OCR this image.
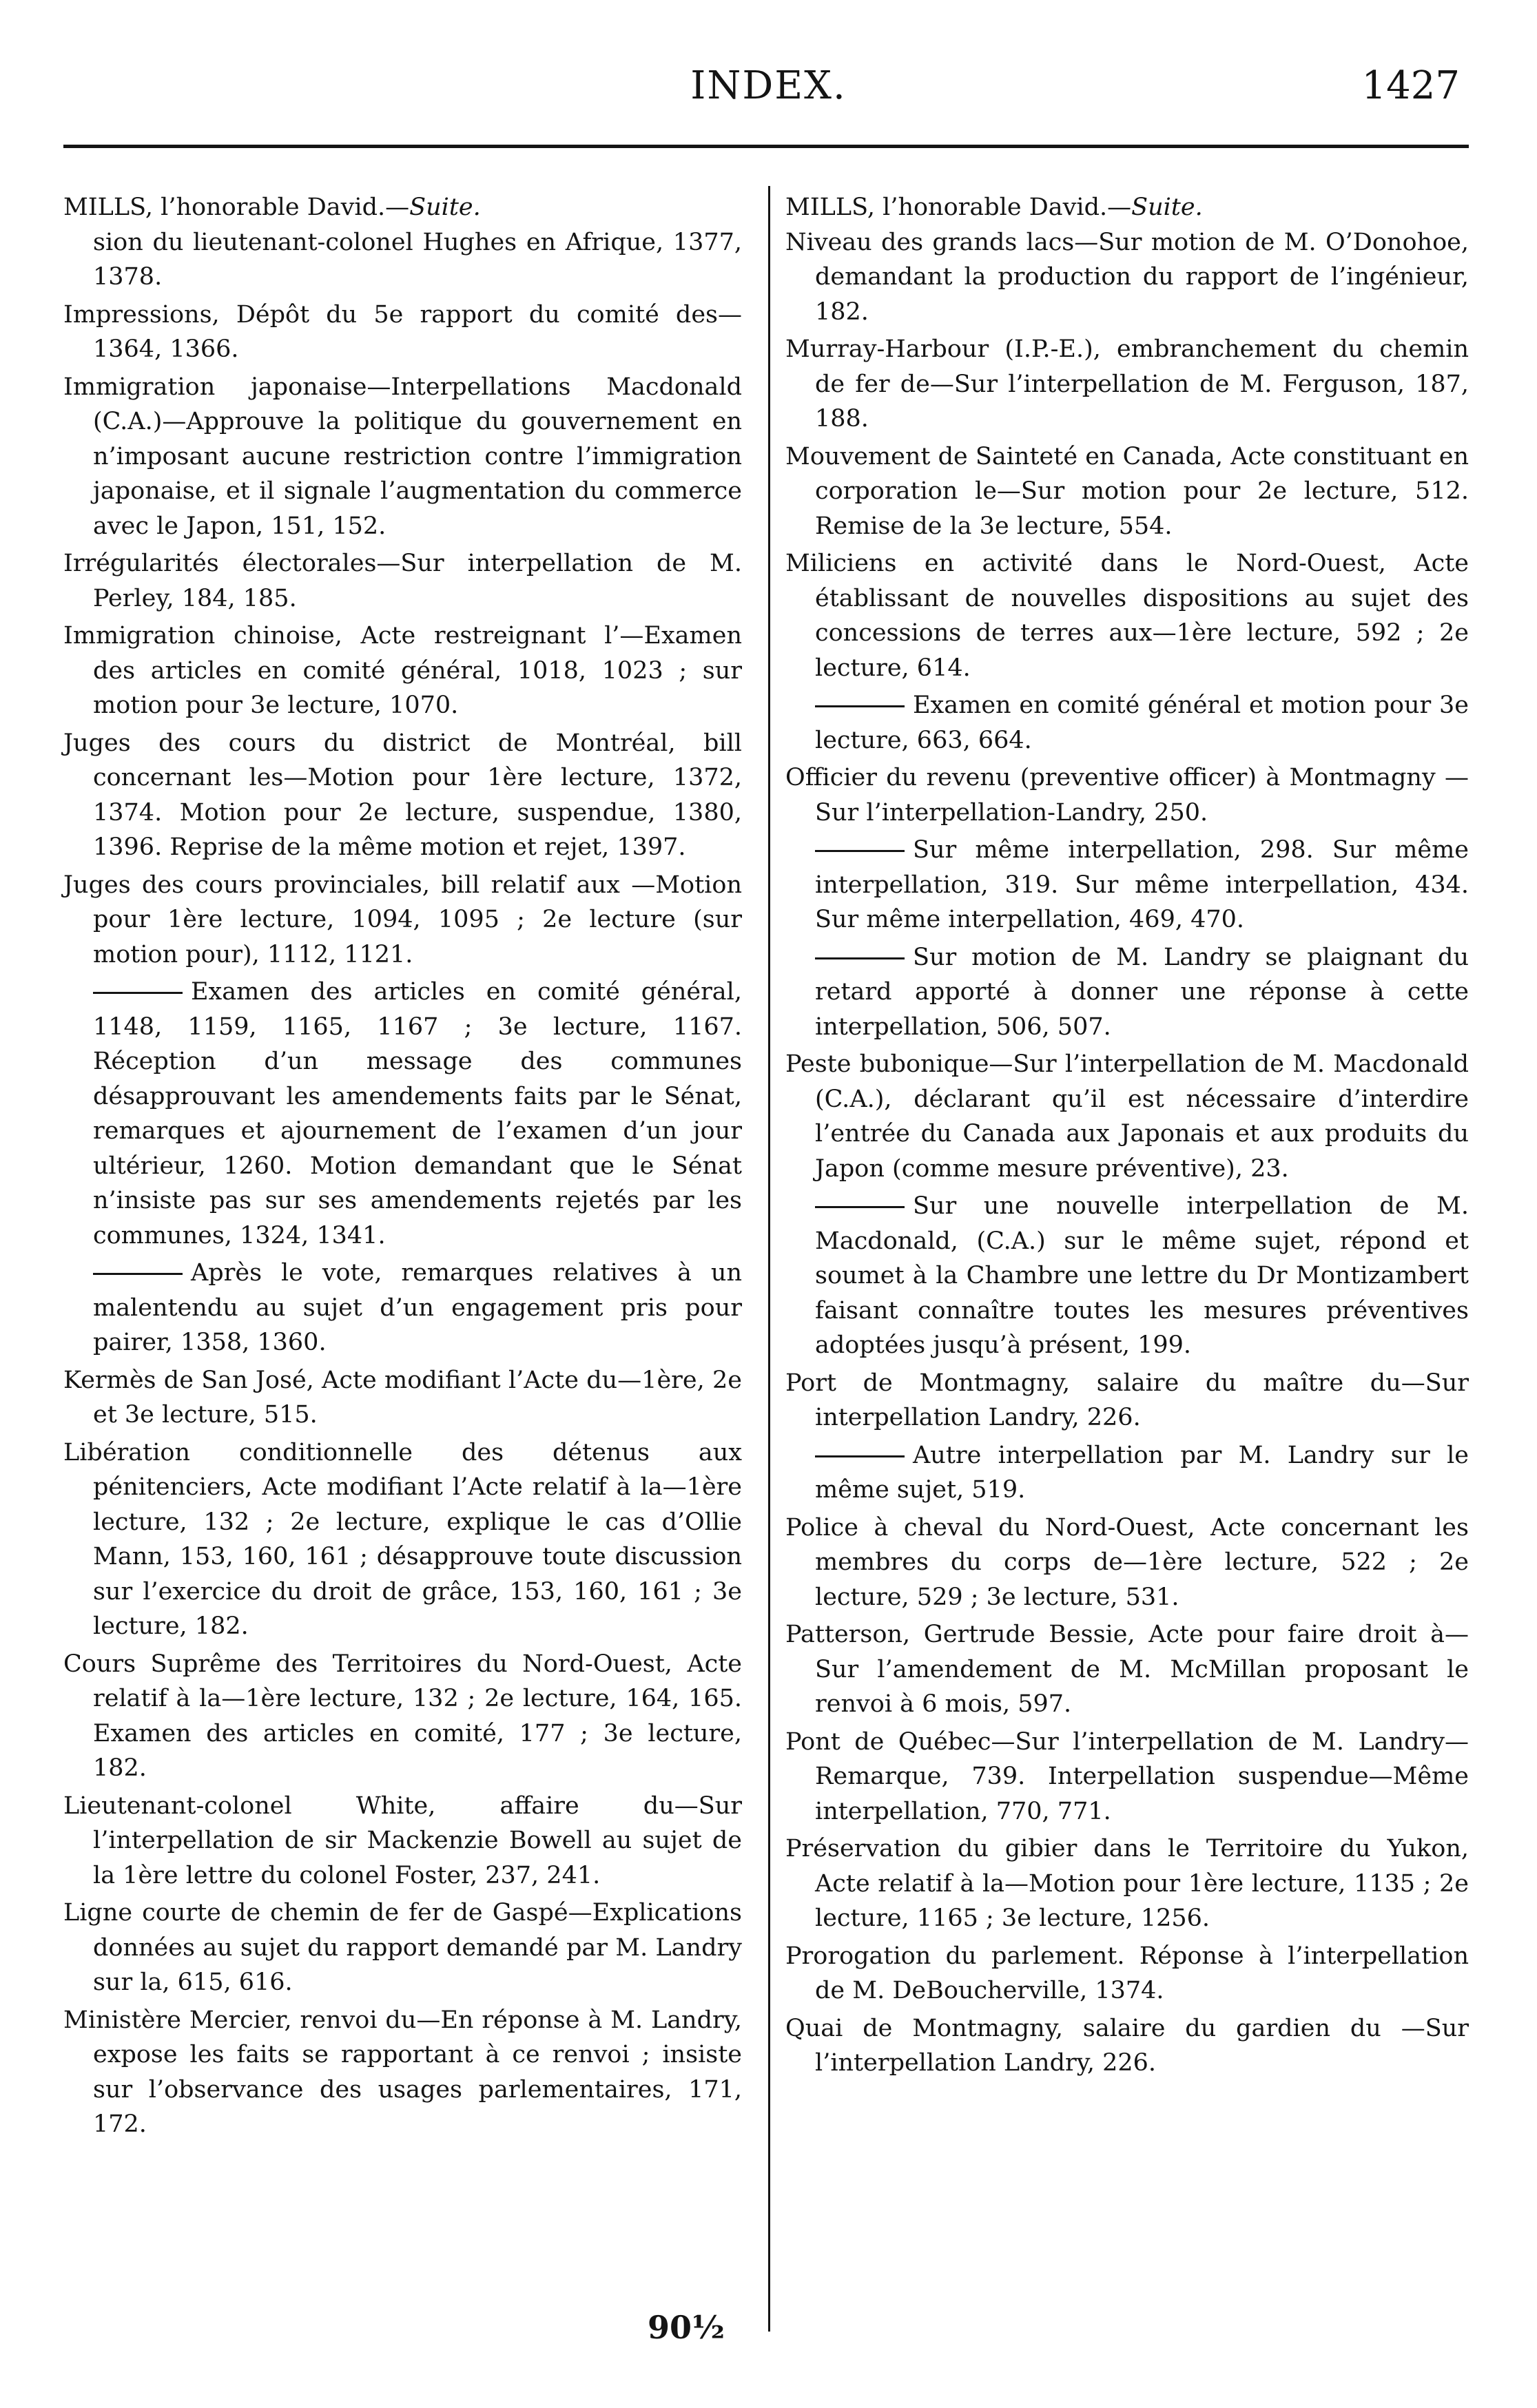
INDEX.	1427

MILLS, l’honorable David.—Suite.

sion du lieutenant-colonel Hughes en Afrique, 1377, 1378.

Impressions, Dépôt du 5e rapport du comité des—1364, 1366.

Immigration japonaise—Interpellations Macdonald (C.A.)—Approuve la politique du gouvernement en n’imposant aucune restriction contre l’immigration japonaise, et il signale l’augmentation du commerce avec le Japon, 151, 152.

Irrégularités électorales—Sur interpellation de M. Perley, 184, 185.

Immigration chinoise, Acte restreignant l’—Examen des articles en comité général, 1018, 1023 ; sur motion pour 3e lecture, 1070.

Juges des cours du district de Montréal, bill concernant les—Motion pour 1ère lecture, 1372, 1374. Motion pour 2e lecture, suspendue, 1380, 1396. Reprise de la même motion et rejet, 1397.

Juges des cours provinciales, bill relatif aux —Motion pour 1ère lecture, 1094, 1095 ; 2e lecture (sur motion pour), 1112, 1121.

Examen des articles en comité général, 1148, 1159, 1165, 1167 ; 3e lecture, 1167. Réception d’un message des communes désapprouvant les amendements faits par le Sénat, remarques et ajournement de l’examen d’un jour ultérieur, 1260. Motion demandant que le Sénat n’insiste pas sur ses amendements rejetés par les communes, 1324, 1341.

Après le vote, remarques relatives à un malentendu au sujet d’un engagement pris pour pairer, 1358, 1360.

Kermès de San José, Acte modifiant l’Acte du—1ère, 2e et 3e lecture, 515.

Libération conditionnelle des détenus aux pénitenciers, Acte modifiant l’Acte relatif à la—1ère lecture, 132 ; 2e lecture, explique le cas d’Ollie Mann, 153, 160, 161 ; désapprouve toute discussion sur l’exercice du droit de grâce, 153, 160, 161 ; 3e lecture, 182.

Cours Suprême des Territoires du Nord-Ouest, Acte relatif à la—1ère lecture, 132 ; 2e lecture, 164, 165. Examen des articles en comité, 177 ; 3e lecture, 182.

Lieutenant-colonel White, affaire du—Sur l’interpellation de sir Mackenzie Bowell au sujet de la 1ère lettre du colonel Foster, 237, 241.

Ligne courte de chemin de fer de Gaspé—Explications données au sujet du rapport demandé par M. Landry sur la, 615, 616.

Ministère Mercier, renvoi du—En réponse à M. Landry, expose les faits se rapportant à ce renvoi ; insiste sur l’observance des usages parlementaires, 171, 172.

MILLS, l’honorable David.—Suite.

Niveau des grands lacs—Sur motion de M. O’Donohoe, demandant la production du rapport de l’ingénieur, 182.

Murray-Harbour (I.P.-E.), embranchement du chemin de fer de—Sur l’interpellation de M. Ferguson, 187, 188.

Mouvement de Sainteté en Canada, Acte constituant en corporation le—Sur motion pour 2e lecture, 512. Remise de la 3e lecture, 554.

Miliciens en activité dans le Nord-Ouest, Acte établissant de nouvelles dispositions au sujet des concessions de terres aux—1ère lecture, 592 ; 2e lecture, 614.

Examen en comité général et motion pour 3e lecture, 663, 664.

Officier du revenu (preventive officer) à Montmagny — Sur l’interpellation-Landry, 250.

Sur même interpellation, 298. Sur même interpellation, 319. Sur même interpellation, 434. Sur même interpellation, 469, 470.

Sur motion de M. Landry se plaignant du retard apporté à donner une réponse à cette interpellation, 506, 507.

Peste bubonique—Sur l’interpellation de M. Macdonald (C.A.), déclarant qu’il est nécessaire d’interdire l’entrée du Canada aux Japonais et aux produits du Japon (comme mesure préventive), 23.

Sur une nouvelle interpellation de M. Macdonald, (C.A.) sur le même sujet, répond et soumet à la Chambre une lettre du Dr Montizambert faisant connaître toutes les mesures préventives adoptées jusqu’à présent, 199.

Port de Montmagny, salaire du maître du—Sur interpellation Landry, 226.

Autre interpellation par M. Landry sur le même sujet, 519.

Police à cheval du Nord-Ouest, Acte concernant les membres du corps de—1ère lecture, 522 ; 2e lecture, 529 ; 3e lecture, 531.

Patterson, Gertrude Bessie, Acte pour faire droit à—Sur l’amendement de M. McMillan proposant le renvoi à 6 mois, 597.

Pont de Québec—Sur l’interpellation de M. Landry—Remarque, 739. Interpellation suspendue—Même interpellation, 770, 771.

Préservation du gibier dans le Territoire du Yukon, Acte relatif à la—Motion pour 1ère lecture, 1135 ; 2e lecture, 1165 ; 3e lecture, 1256.

Prorogation du parlement. Réponse à l’interpellation de M. DeBoucherville, 1374.

Quai de Montmagny, salaire du gardien du —Sur l’interpellation Landry, 226.

90½
